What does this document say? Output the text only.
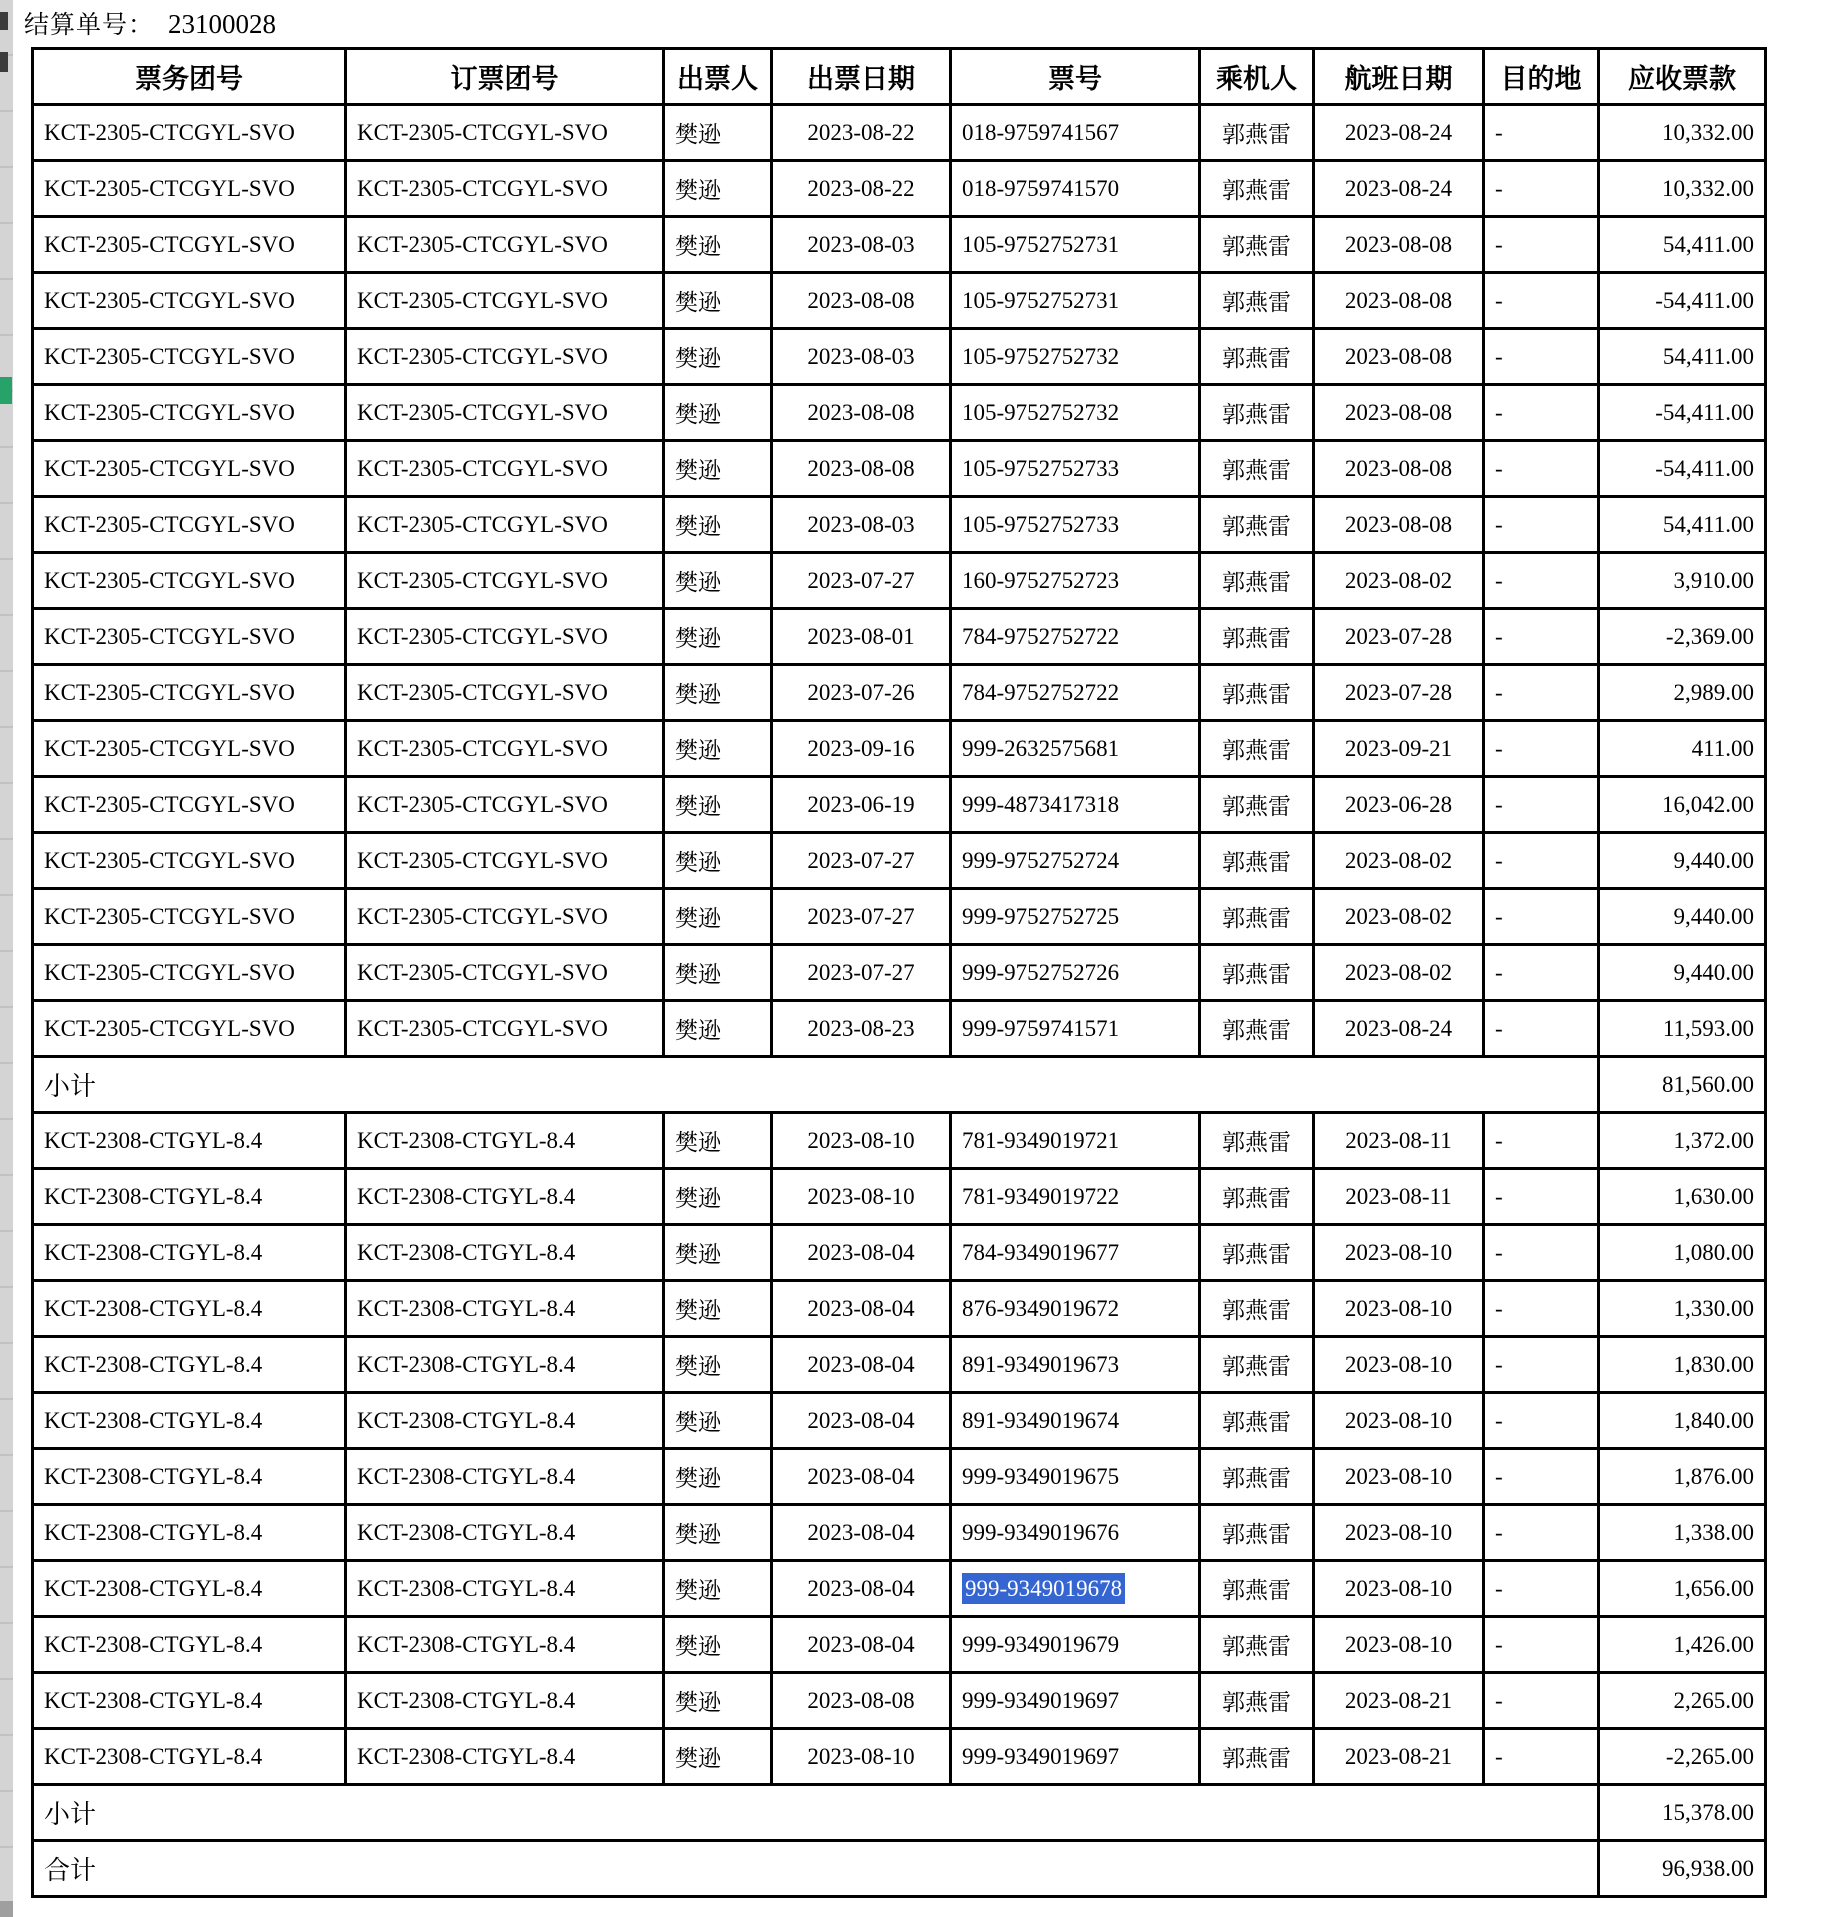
结算单号： 23100028
票务团号	订票团号	出票人	出票日期	票号	乘机人	航班日期	目的地	应收票款
KCT-2305-CTCGYL-SVO	KCT-2305-CTCGYL-SVO	樊逊	2023-08-22	018-9759741567	郭燕雷	2023-08-24	-	10,332.00
KCT-2305-CTCGYL-SVO	KCT-2305-CTCGYL-SVO	樊逊	2023-08-22	018-9759741570	郭燕雷	2023-08-24	-	10,332.00
KCT-2305-CTCGYL-SVO	KCT-2305-CTCGYL-SVO	樊逊	2023-08-03	105-9752752731	郭燕雷	2023-08-08	-	54,411.00
KCT-2305-CTCGYL-SVO	KCT-2305-CTCGYL-SVO	樊逊	2023-08-08	105-9752752731	郭燕雷	2023-08-08	-	-54,411.00
KCT-2305-CTCGYL-SVO	KCT-2305-CTCGYL-SVO	樊逊	2023-08-03	105-9752752732	郭燕雷	2023-08-08	-	54,411.00
KCT-2305-CTCGYL-SVO	KCT-2305-CTCGYL-SVO	樊逊	2023-08-08	105-9752752732	郭燕雷	2023-08-08	-	-54,411.00
KCT-2305-CTCGYL-SVO	KCT-2305-CTCGYL-SVO	樊逊	2023-08-08	105-9752752733	郭燕雷	2023-08-08	-	-54,411.00
KCT-2305-CTCGYL-SVO	KCT-2305-CTCGYL-SVO	樊逊	2023-08-03	105-9752752733	郭燕雷	2023-08-08	-	54,411.00
KCT-2305-CTCGYL-SVO	KCT-2305-CTCGYL-SVO	樊逊	2023-07-27	160-9752752723	郭燕雷	2023-08-02	-	3,910.00
KCT-2305-CTCGYL-SVO	KCT-2305-CTCGYL-SVO	樊逊	2023-08-01	784-9752752722	郭燕雷	2023-07-28	-	-2,369.00
KCT-2305-CTCGYL-SVO	KCT-2305-CTCGYL-SVO	樊逊	2023-07-26	784-9752752722	郭燕雷	2023-07-28	-	2,989.00
KCT-2305-CTCGYL-SVO	KCT-2305-CTCGYL-SVO	樊逊	2023-09-16	999-2632575681	郭燕雷	2023-09-21	-	411.00
KCT-2305-CTCGYL-SVO	KCT-2305-CTCGYL-SVO	樊逊	2023-06-19	999-4873417318	郭燕雷	2023-06-28	-	16,042.00
KCT-2305-CTCGYL-SVO	KCT-2305-CTCGYL-SVO	樊逊	2023-07-27	999-9752752724	郭燕雷	2023-08-02	-	9,440.00
KCT-2305-CTCGYL-SVO	KCT-2305-CTCGYL-SVO	樊逊	2023-07-27	999-9752752725	郭燕雷	2023-08-02	-	9,440.00
KCT-2305-CTCGYL-SVO	KCT-2305-CTCGYL-SVO	樊逊	2023-07-27	999-9752752726	郭燕雷	2023-08-02	-	9,440.00
KCT-2305-CTCGYL-SVO	KCT-2305-CTCGYL-SVO	樊逊	2023-08-23	999-9759741571	郭燕雷	2023-08-24	-	11,593.00
小计								81,560.00
KCT-2308-CTGYL-8.4	KCT-2308-CTGYL-8.4	樊逊	2023-08-10	781-9349019721	郭燕雷	2023-08-11	-	1,372.00
KCT-2308-CTGYL-8.4	KCT-2308-CTGYL-8.4	樊逊	2023-08-10	781-9349019722	郭燕雷	2023-08-11	-	1,630.00
KCT-2308-CTGYL-8.4	KCT-2308-CTGYL-8.4	樊逊	2023-08-04	784-9349019677	郭燕雷	2023-08-10	-	1,080.00
KCT-2308-CTGYL-8.4	KCT-2308-CTGYL-8.4	樊逊	2023-08-04	876-9349019672	郭燕雷	2023-08-10	-	1,330.00
KCT-2308-CTGYL-8.4	KCT-2308-CTGYL-8.4	樊逊	2023-08-04	891-9349019673	郭燕雷	2023-08-10	-	1,830.00
KCT-2308-CTGYL-8.4	KCT-2308-CTGYL-8.4	樊逊	2023-08-04	891-9349019674	郭燕雷	2023-08-10	-	1,840.00
KCT-2308-CTGYL-8.4	KCT-2308-CTGYL-8.4	樊逊	2023-08-04	999-9349019675	郭燕雷	2023-08-10	-	1,876.00
KCT-2308-CTGYL-8.4	KCT-2308-CTGYL-8.4	樊逊	2023-08-04	999-9349019676	郭燕雷	2023-08-10	-	1,338.00
KCT-2308-CTGYL-8.4	KCT-2308-CTGYL-8.4	樊逊	2023-08-04	999-9349019678	郭燕雷	2023-08-10	-	1,656.00
KCT-2308-CTGYL-8.4	KCT-2308-CTGYL-8.4	樊逊	2023-08-04	999-9349019679	郭燕雷	2023-08-10	-	1,426.00
KCT-2308-CTGYL-8.4	KCT-2308-CTGYL-8.4	樊逊	2023-08-08	999-9349019697	郭燕雷	2023-08-21	-	2,265.00
KCT-2308-CTGYL-8.4	KCT-2308-CTGYL-8.4	樊逊	2023-08-10	999-9349019697	郭燕雷	2023-08-21	-	-2,265.00
小计								15,378.00
合计								96,938.00
